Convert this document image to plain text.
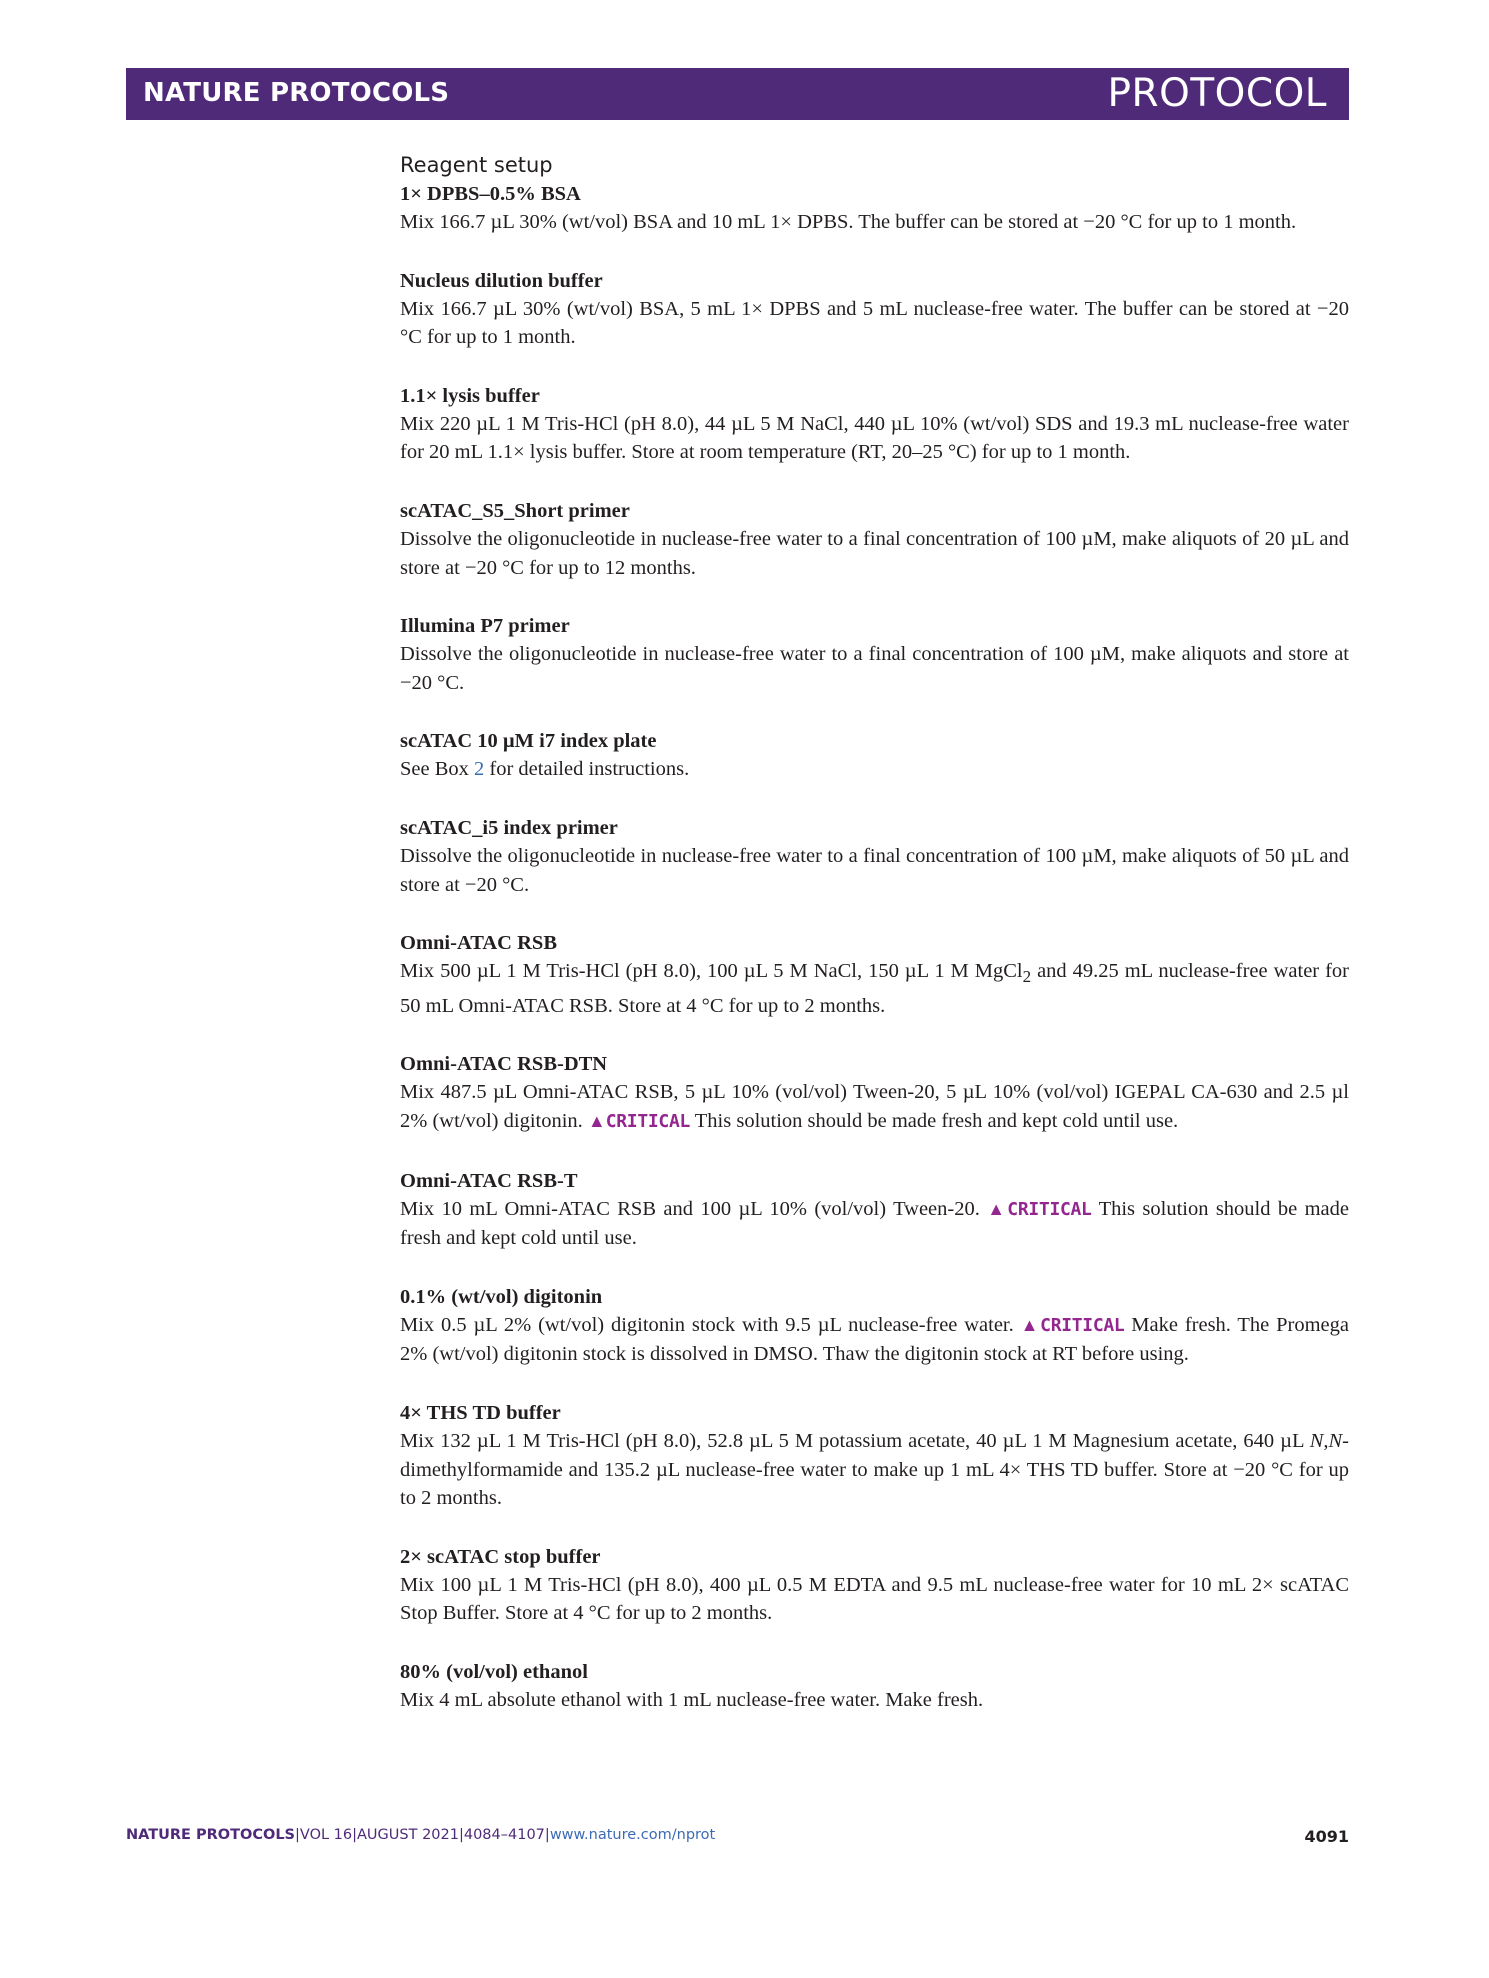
NATURE PROTOCOLS	PROTOCOL
Reagent setup
1× DPBS–0.5% BSA
Mix 166.7 µL 30% (wt/vol) BSA and 10 mL 1× DPBS. The buffer can be stored at −20 °C for up to 1 month.
Nucleus dilution buffer
Mix 166.7 µL 30% (wt/vol) BSA, 5 mL 1× DPBS and 5 mL nuclease-free water. The buffer can be stored at −20 °C for up to 1 month.
1.1× lysis buffer
Mix 220 µL 1 M Tris-HCl (pH 8.0), 44 µL 5 M NaCl, 440 µL 10% (wt/vol) SDS and 19.3 mL nuclease-free water for 20 mL 1.1× lysis buffer. Store at room temperature (RT, 20–25 °C) for up to 1 month.
scATAC_S5_Short primer
Dissolve the oligonucleotide in nuclease-free water to a final concentration of 100 µM, make aliquots of 20 µL and store at −20 °C for up to 12 months.
Illumina P7 primer
Dissolve the oligonucleotide in nuclease-free water to a final concentration of 100 µM, make aliquots and store at −20 °C.
scATAC 10 µM i7 index plate
See Box 2 for detailed instructions.
scATAC_i5 index primer
Dissolve the oligonucleotide in nuclease-free water to a final concentration of 100 µM, make aliquots of 50 µL and store at −20 °C.
Omni-ATAC RSB
Mix 500 µL 1 M Tris-HCl (pH 8.0), 100 µL 5 M NaCl, 150 µL 1 M MgCl$_2$ and 49.25 mL nuclease-free water for 50 mL Omni-ATAC RSB. Store at 4 °C for up to 2 months.
Omni-ATAC RSB-DTN
Mix 487.5 µL Omni-ATAC RSB, 5 µL 10% (vol/vol) Tween-20, 5 µL 10% (vol/vol) IGEPAL CA-630 and 2.5 µl 2% (wt/vol) digitonin. ▲CRITICAL This solution should be made fresh and kept cold until use.
Omni-ATAC RSB-T
Mix 10 mL Omni-ATAC RSB and 100 µL 10% (vol/vol) Tween-20. ▲CRITICAL This solution should be made fresh and kept cold until use.
0.1% (wt/vol) digitonin
Mix 0.5 µL 2% (wt/vol) digitonin stock with 9.5 µL nuclease-free water. ▲CRITICAL Make fresh. The Promega 2% (wt/vol) digitonin stock is dissolved in DMSO. Thaw the digitonin stock at RT before using.
4× THS TD buffer
Mix 132 µL 1 M Tris-HCl (pH 8.0), 52.8 µL 5 M potassium acetate, 40 µL 1 M Magnesium acetate, 640 µL N,N-dimethylformamide and 135.2 µL nuclease-free water to make up 1 mL 4× THS TD buffer. Store at −20 °C for up to 2 months.
2× scATAC stop buffer
Mix 100 µL 1 M Tris-HCl (pH 8.0), 400 µL 0.5 M EDTA and 9.5 mL nuclease-free water for 10 mL 2× scATAC Stop Buffer. Store at 4 °C for up to 2 months.
80% (vol/vol) ethanol
Mix 4 mL absolute ethanol with 1 mL nuclease-free water. Make fresh.
NATURE PROTOCOLS|VOL 16|AUGUST 2021|4084–4107|www.nature.com/nprot	4091
